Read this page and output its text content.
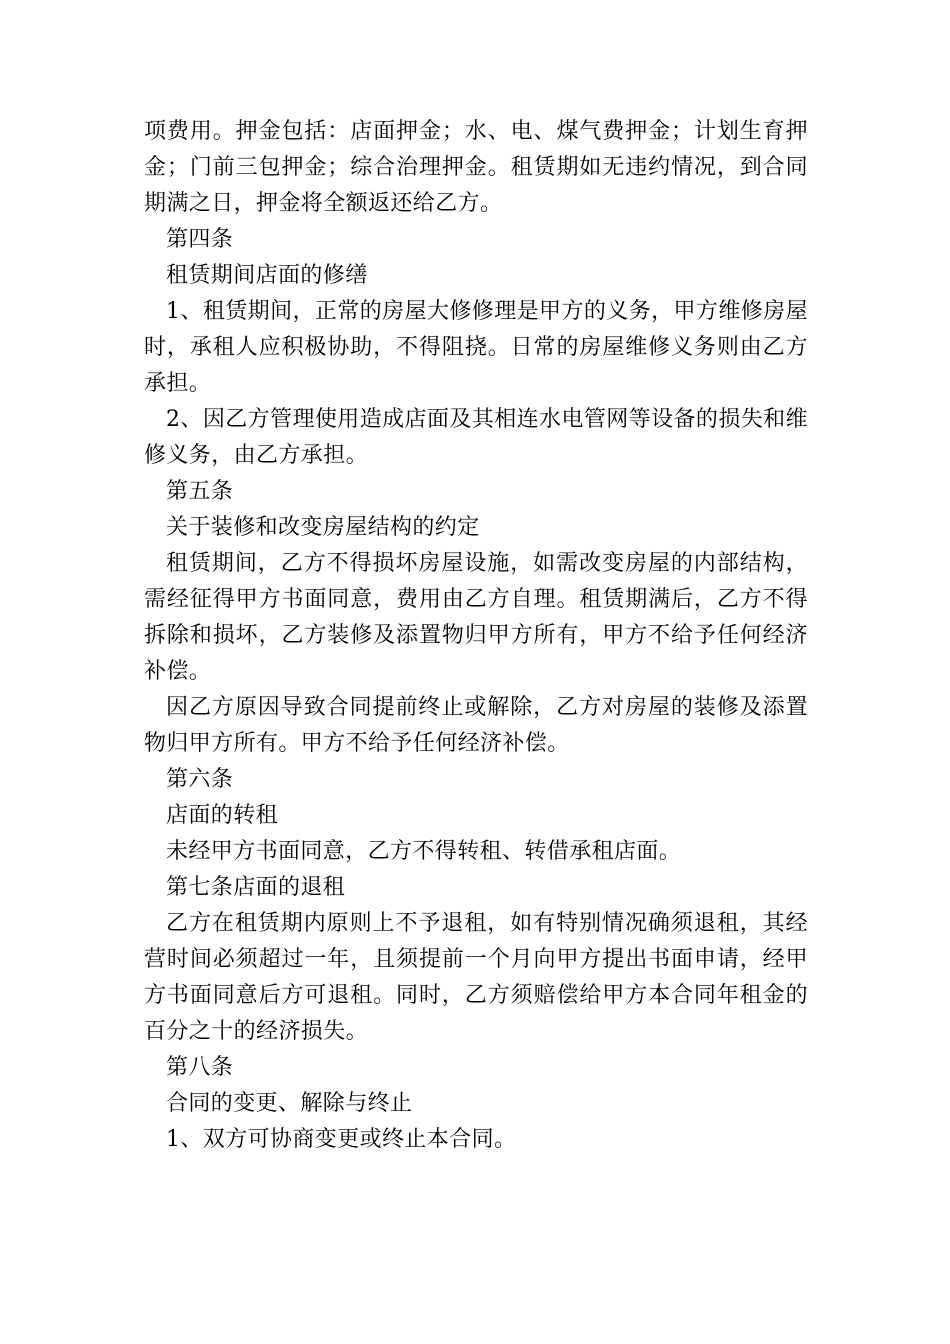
项费用。押金包括：店面押金；水、电、煤气费押金；计划生育押金；门前三包押金；综合治理押金。租赁期如无违约情况，到合同期满之日，押金将全额返还给乙方。

第四条

租赁期间店面的修缮

1、租赁期间，正常的房屋大修修理是甲方的义务，甲方维修房屋时，承租人应积极协助，不得阻挠。日常的房屋维修义务则由乙方承担。

2、因乙方管理使用造成店面及其相连水电管网等设备的损失和维修义务，由乙方承担。

第五条

关于装修和改变房屋结构的约定

租赁期间，乙方不得损坏房屋设施，如需改变房屋的内部结构，需经征得甲方书面同意，费用由乙方自理。租赁期满后，乙方不得拆除和损坏，乙方装修及添置物归甲方所有，甲方不给予任何经济补偿。

因乙方原因导致合同提前终止或解除，乙方对房屋的装修及添置物归甲方所有。甲方不给予任何经济补偿。

第六条

店面的转租

未经甲方书面同意，乙方不得转租、转借承租店面。

第七条店面的退租

乙方在租赁期内原则上不予退租，如有特别情况确须退租，其经营时间必须超过一年，且须提前一个月向甲方提出书面申请，经甲方书面同意后方可退租。同时，乙方须赔偿给甲方本合同年租金的百分之十的经济损失。

第八条

合同的变更、解除与终止

1、双方可协商变更或终止本合同。
